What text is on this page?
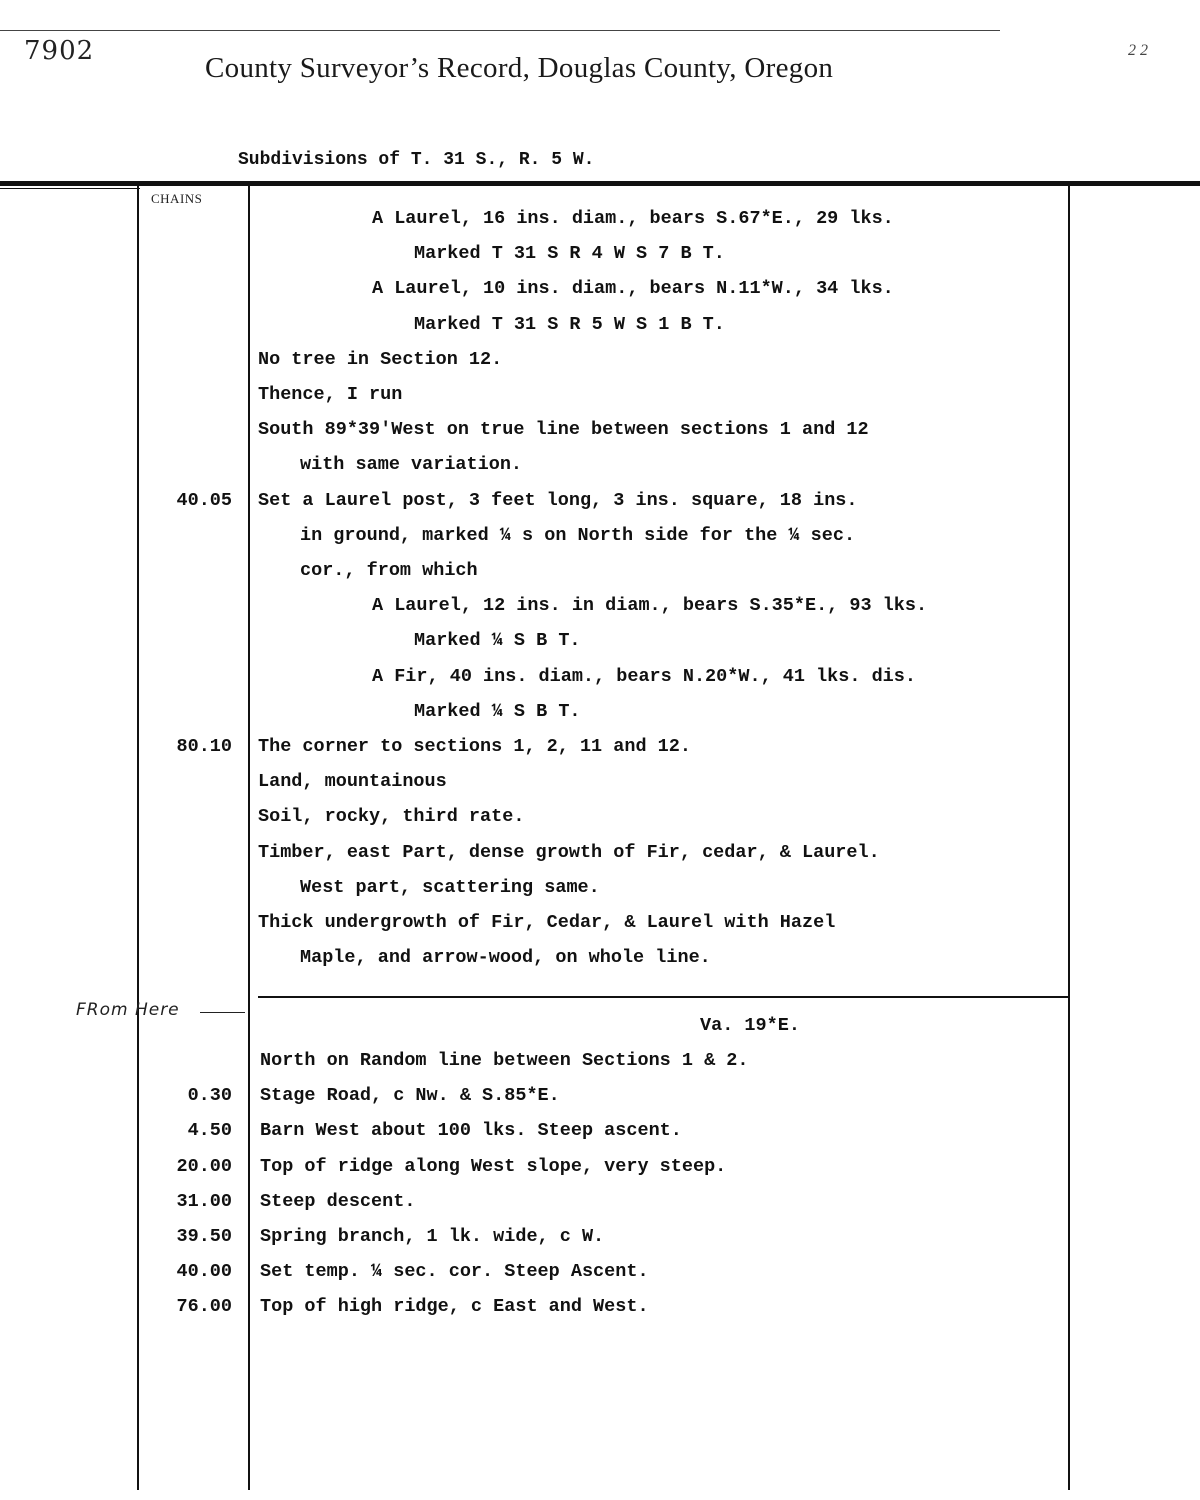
7902
County Surveyor’s Record, Douglas County, Oregon
2 2
Subdivisions of T. 31 S., R. 5 W.
CHAINS
A Laurel, 16 ins. diam., bears S.67*E., 29 lks.
Marked T 31 S R 4 W S 7 B T.
A Laurel, 10 ins. diam., bears N.11*W., 34 lks.
Marked T 31 S R 5 W S 1 B T.
No tree in Section 12.
Thence, I run
South 89*39'West on true line between sections 1 and 12
with same variation.
40.05 Set a Laurel post, 3 feet long, 3 ins. square, 18 ins.
in ground, marked ¼ s on North side for the ¼ sec.
cor., from which
A Laurel, 12 ins. in diam., bears S.35*E., 93 lks.
Marked ¼ S B T.
A Fir, 40 ins. diam., bears N.20*W., 41 lks. dis.
Marked ¼ S B T.
80.10 The corner to sections 1, 2, 11 and 12.
Land, mountainous
Soil, rocky, third rate.
Timber, east Part, dense growth of Fir, cedar, & Laurel.
West part, scattering same.
Thick undergrowth of Fir, Cedar, & Laurel with Hazel
Maple, and arrow-wood, on whole line.
FRom Here
Va. 19*E.
North on Random line between Sections 1 & 2.
0.30 Stage Road, c Nw. & S.85*E.
4.50 Barn West about 100 lks. Steep ascent.
20.00 Top of ridge along West slope, very steep.
31.00 Steep descent.
39.50 Spring branch, 1 lk. wide, c W.
40.00 Set temp. ¼ sec. cor. Steep Ascent.
76.00 Top of high ridge, c East and West.
